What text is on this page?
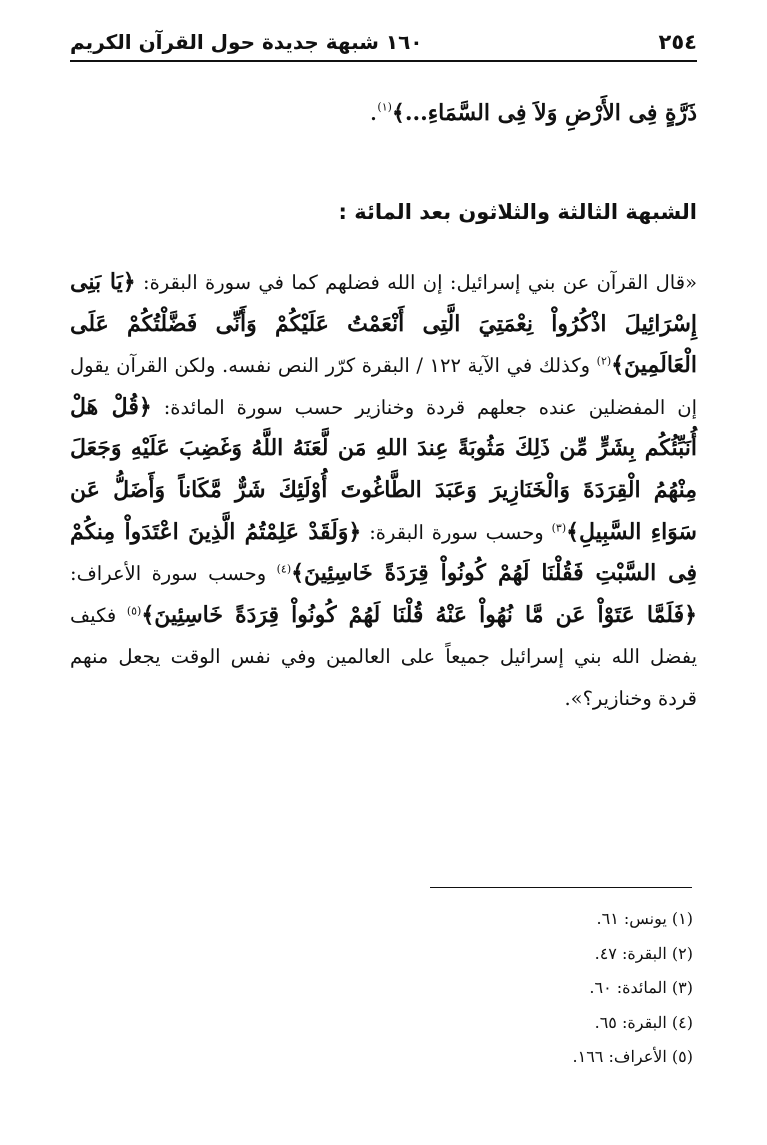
٢٥٤
١٦٠ شبهة جديدة حول القرآن الكريم
ذَرَّةٍ فِى الأَرْضِ وَلاَ فِى السَّمَاءِ...﴾$^{(١)}$.
الشبهة الثالثة والثلاثون بعد المائة :
«قال القرآن عن بني إسرائيل: إن الله فضلهم كما في سورة البقرة: ﴿يَا بَنِى إِسْرَائِيلَ اذْكُرُواْ نِعْمَتِيَ الَّتِى أَنْعَمْتُ عَلَيْكُمْ وَأَنِّى فَضَّلْتُكُمْ عَلَى الْعَالَمِينَ﴾$^{(٢)}$ وكذلك في الآية ١٢٢ / البقرة كرّر النص نفسه. ولكن القرآن يقول إن المفضلين عنده جعلهم قردة وخنازير حسب سورة المائدة: ﴿قُلْ هَلْ أُنَبِّئُكُم بِشَرٍّ مِّن ذَلِكَ مَثُوبَةً عِندَ اللهِ مَن لَّعَنَهُ اللَّهُ وَغَضِبَ عَلَيْهِ وَجَعَلَ مِنْهُمُ الْقِرَدَةَ وَالْخَنَازِيرَ وَعَبَدَ الطَّاغُوتَ أُوْلَئِكَ شَرٌّ مَّكَاناً وَأَضَلُّ عَن سَوَاءِ السَّبِيلِ﴾$^{(٣)}$ وحسب سورة البقرة: ﴿وَلَقَدْ عَلِمْتُمُ الَّذِينَ اعْتَدَواْ مِنكُمْ فِى السَّبْتِ فَقُلْنَا لَهُمْ كُونُواْ قِرَدَةً خَاسِئِينَ﴾$^{(٤)}$ وحسب سورة الأعراف: ﴿فَلَمَّا عَتَوْاْ عَن مَّا نُهُواْ عَنْهُ قُلْنَا لَهُمْ كُونُواْ قِرَدَةً خَاسِئِينَ﴾$^{(٥)}$ فكيف يفضل الله بني إسرائيل جميعاً على العالمين وفي نفس الوقت يجعل منهم قردة وخنازير؟».
(١) يونس: ٦١.
(٢) البقرة: ٤٧.
(٣) المائدة: ٦٠.
(٤) البقرة: ٦٥.
(٥) الأعراف: ١٦٦.
